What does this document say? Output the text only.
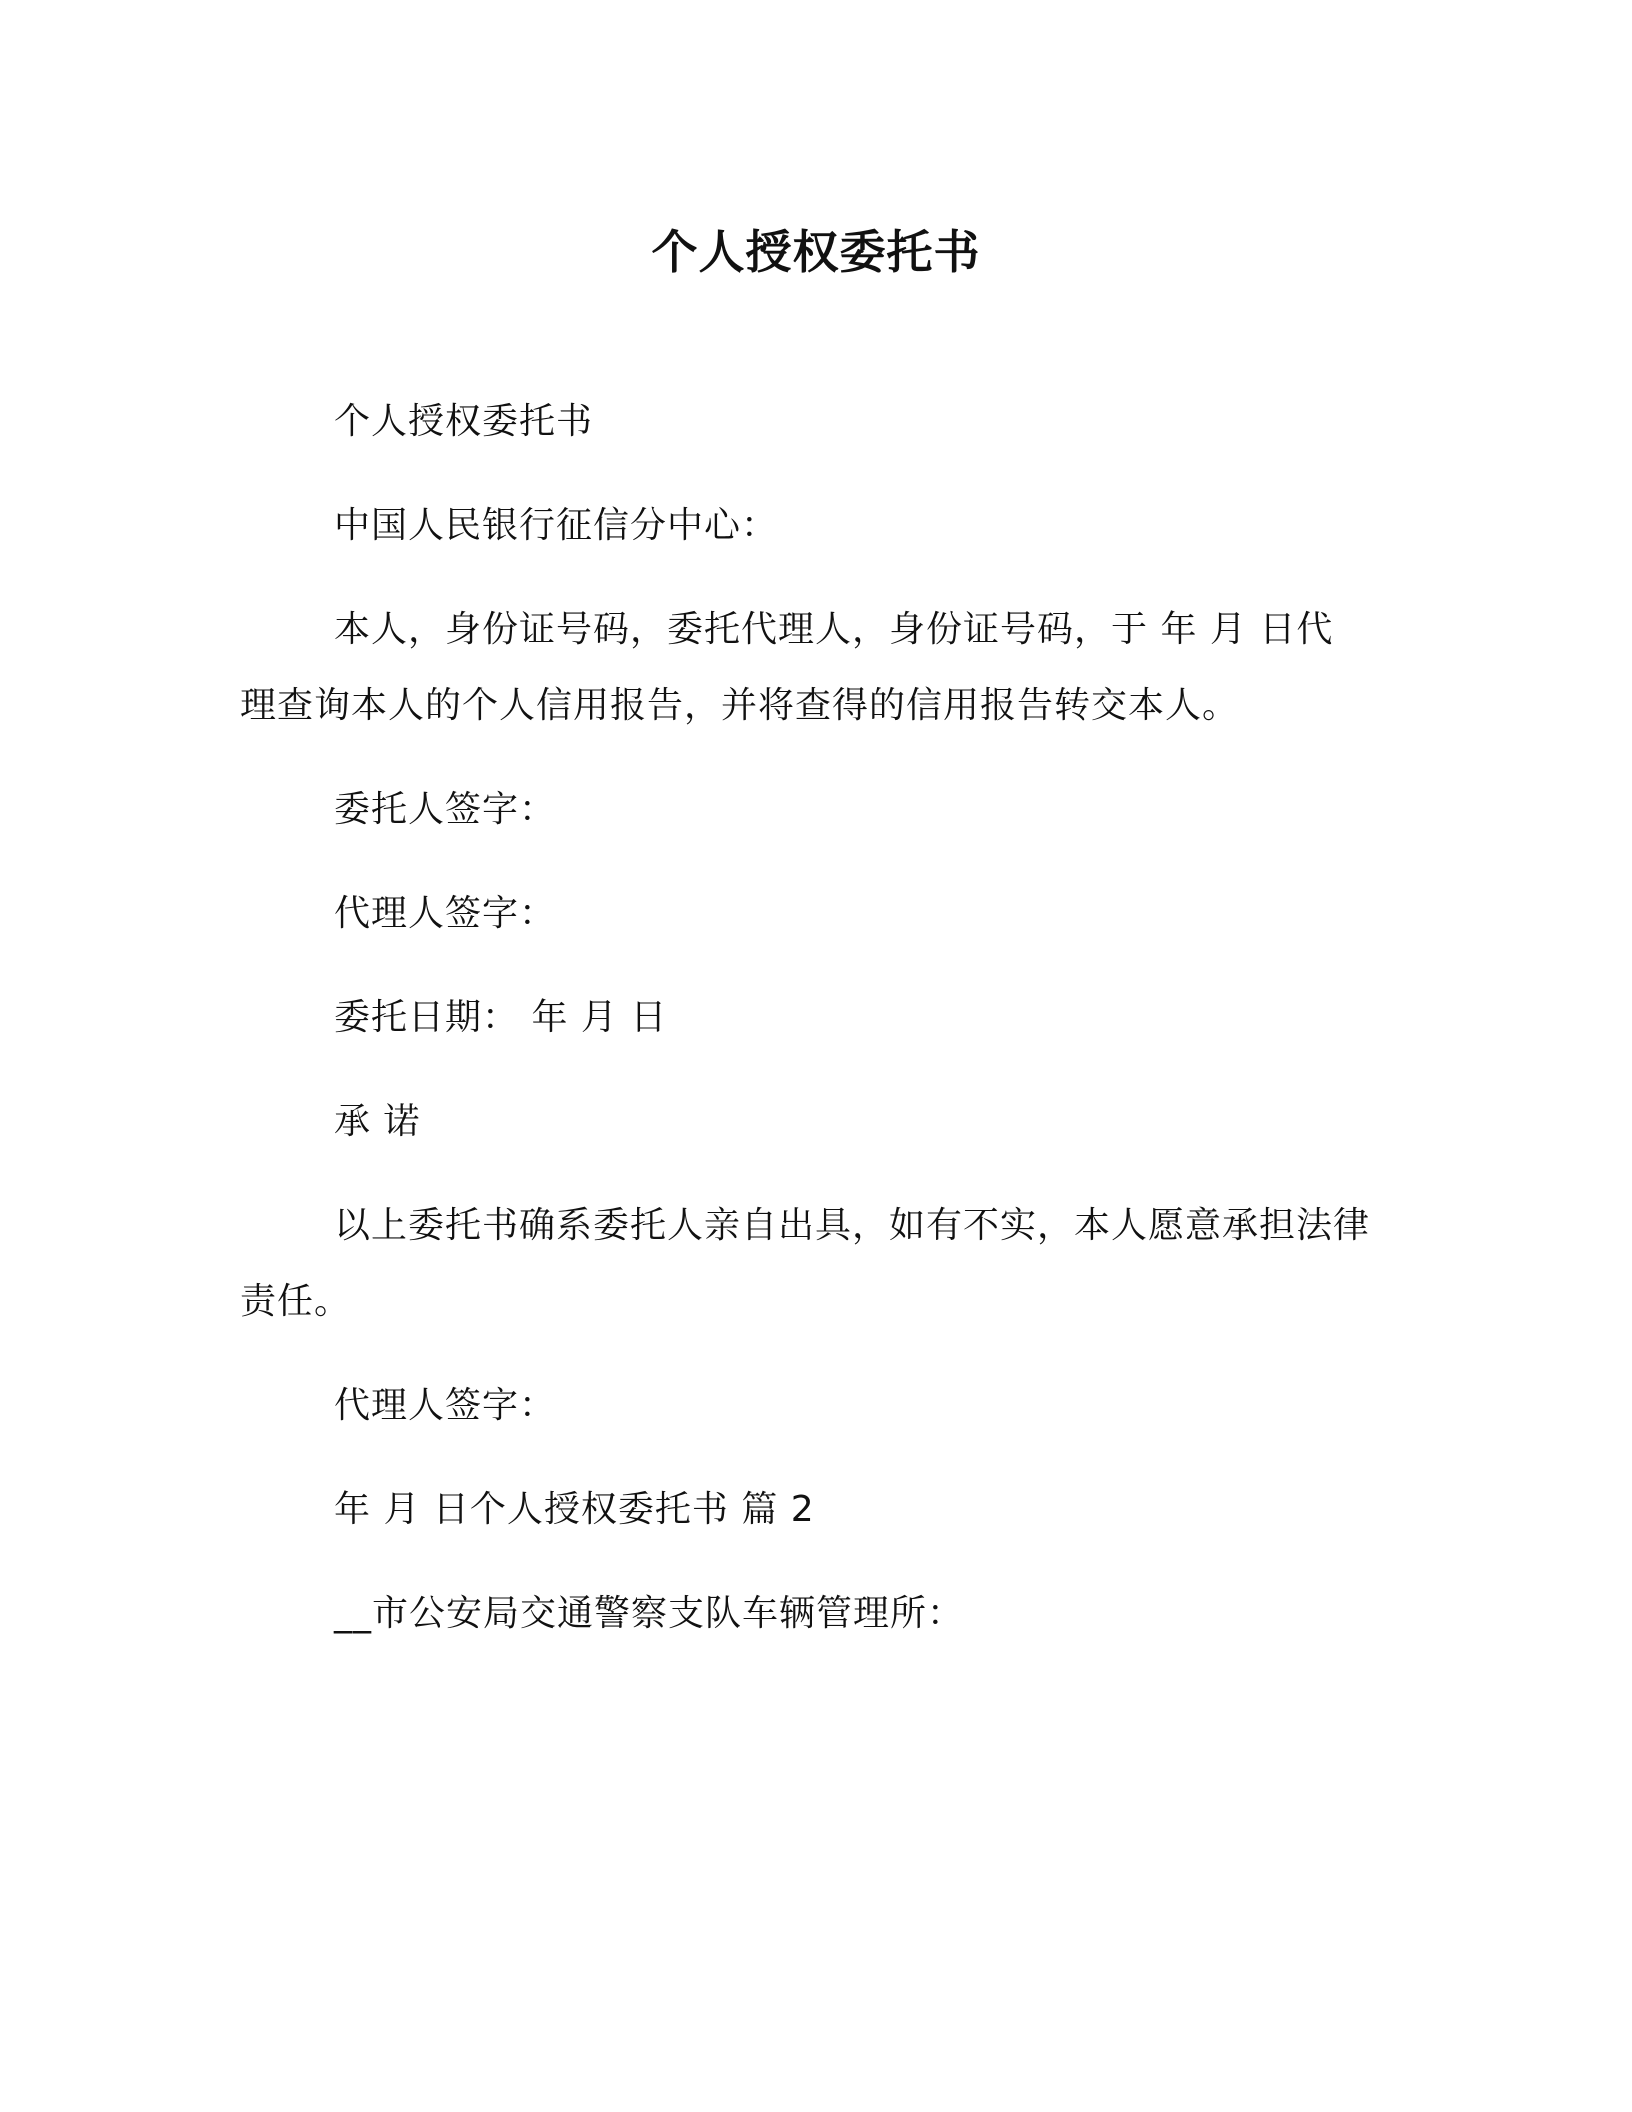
个人授权委托书
个人授权委托书
中国人民银行征信分中心：
本人，身份证号码，委托代理人，身份证号码，于 年 月 日代
理查询本人的个人信用报告，并将查得的信用报告转交本人。
委托人签字：
代理人签字：
委托日期： 年 月 日
承 诺
以上委托书确系委托人亲自出具，如有不实，本人愿意承担法律
责任。
代理人签字：
年 月 日个人授权委托书 篇 2
__市公安局交通警察支队车辆管理所：
